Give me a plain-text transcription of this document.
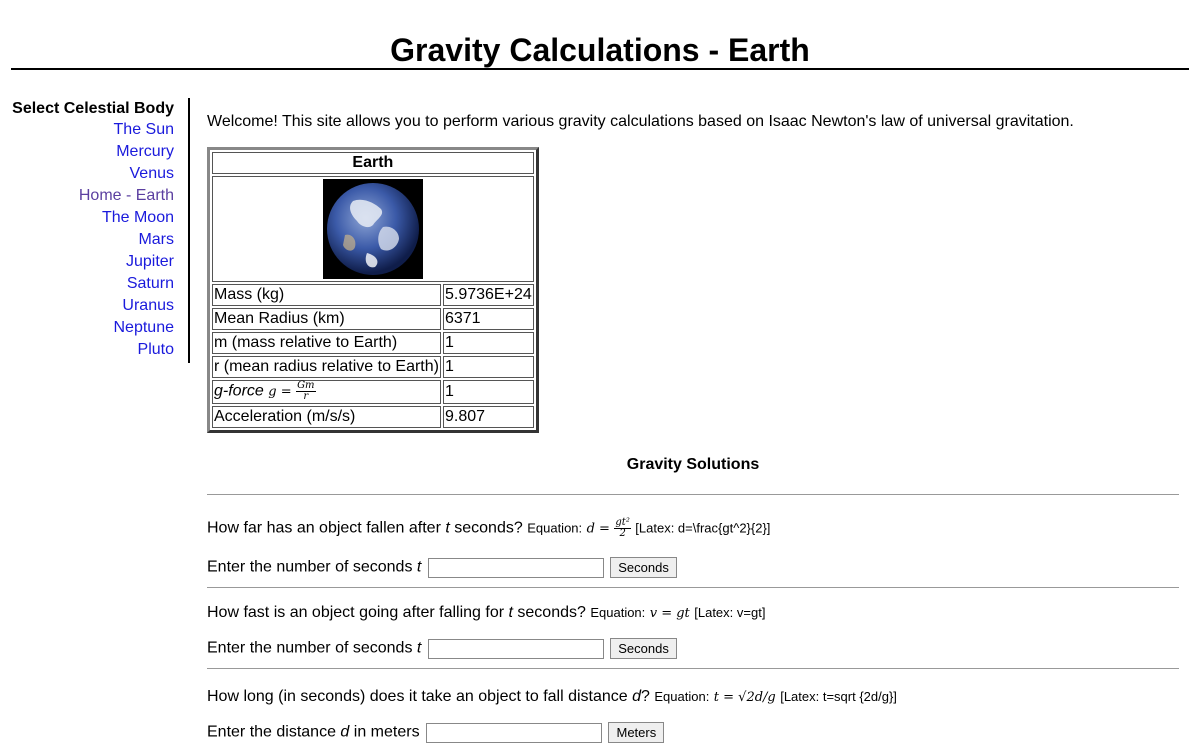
Gravity Calculations - Earth
Select Celestial Body
The Sun
Mercury
Venus
Home - Earth
The Moon
Mars
Jupiter
Saturn
Uranus
Neptune
Pluto

Welcome! This site allows you to perform various gravity calculations based on Isaac Newton's law of universal gravitation.

Earth	

Mass (kg)	5.9736E+24
Mean Radius (km)	6371
m (mass relative to Earth)	1
r (mean radius relative to Earth)	1
g-force $g = \frac{Gm}{r}$	1
Acceleration (m/s/s)	9.807
Gravity Solutions
How far has an object fallen after t seconds? Equation: $d = \frac{\text{gt²}}{2}$ [Latex: d=\frac{gt^2}{2}]
Enter the number of seconds t	Seconds
How fast is an object going after falling for t seconds? Equation: v = gt [Latex: v=gt]
Enter the number of seconds t	Seconds
How long (in seconds) does it take an object to fall distance d? Equation: t = √2d/g [Latex: t=sqrt {2d/g}]
Enter the distance d in meters	Meters
